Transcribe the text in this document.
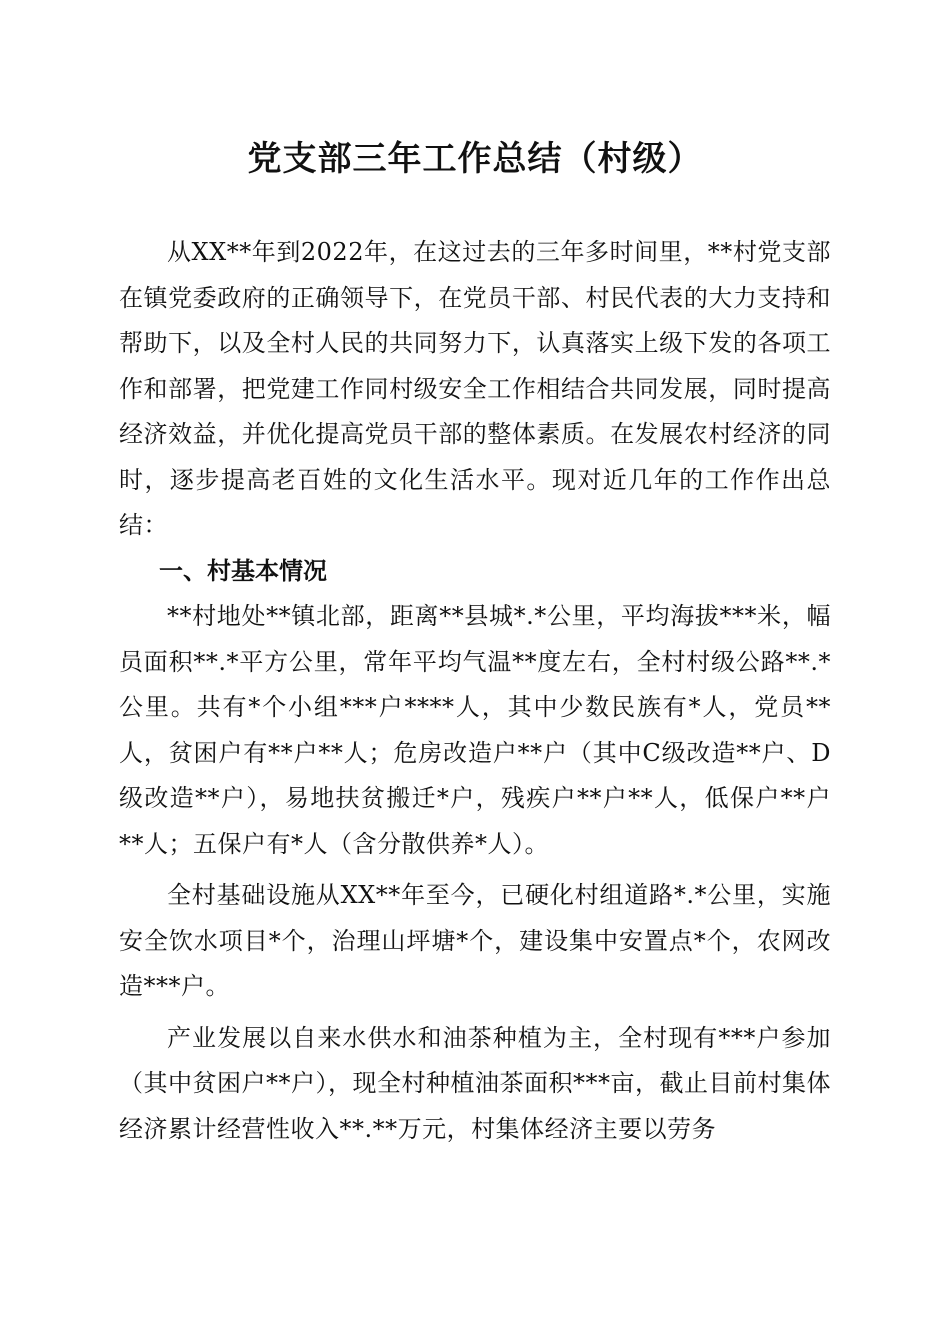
党支部三年工作总结（村级）

从XX**年到2022年，在这过去的三年多时间里，**村党支部在镇党委政府的正确领导下，在党员干部、村民代表的大力支持和帮助下，以及全村人民的共同努力下，认真落实上级下发的各项工作和部署，把党建工作同村级安全工作相结合共同发展，同时提高经济效益，并优化提高党员干部的整体素质。在发展农村经济的同时，逐步提高老百姓的文化生活水平。现对近几年的工作作出总结：

一、村基本情况

**村地处**镇北部，距离**县城*.*公里，平均海拔***米，幅员面积**.*平方公里，常年平均气温**度左右，全村村级公路**.*公里。共有*个小组***户****人，其中少数民族有*人，党员**人，贫困户有**户**人；危房改造户**户（其中C级改造**户、D级改造**户），易地扶贫搬迁*户，残疾户**户**人，低保户**户**人；五保户有*人（含分散供养*人）。

全村基础设施从XX**年至今，已硬化村组道路*.*公里，实施安全饮水项目*个，治理山坪塘*个，建设集中安置点*个，农网改造***户。

产业发展以自来水供水和油茶种植为主，全村现有***户参加（其中贫困户**户），现全村种植油茶面积***亩，截止目前村集体经济累计经营性收入**.**万元，村集体经济主要以劳务
